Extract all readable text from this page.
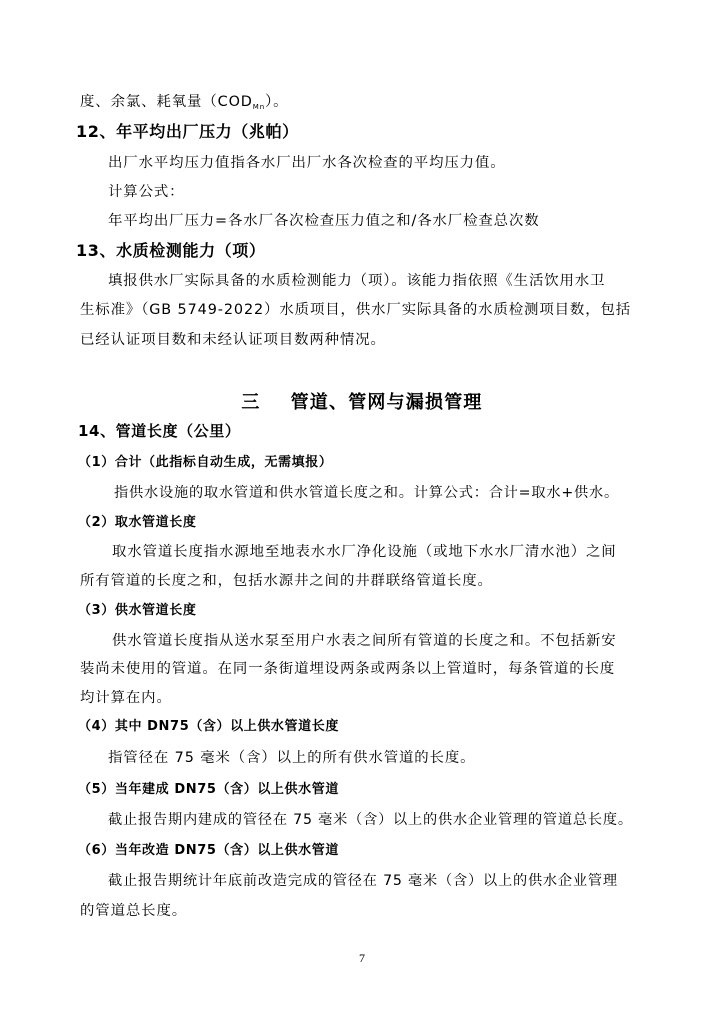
度、余氯、耗氧量$(COD_{Mn})$。
12、年平均出厂压力（兆帕）
出厂水平均压力值指各水厂出厂水各次检查的平均压力值。
计算公式：
年平均出厂压力=各水厂各次检查压力值之和/各水厂检查总次数
13、水质检测能力（项）
填报供水厂实际具备的水质检测能力（项）。该能力指依照《生活饮用水卫
生标准》（GB 5749-2022）水质项目，供水厂实际具备的水质检测项目数，包括
已经认证项目数和未经认证项目数两种情况。
三 管道、管网与漏损管理
14、管道长度（公里）
（1）合计（此指标自动生成，无需填报）
指供水设施的取水管道和供水管道长度之和。计算公式：合计=取水+供水。
（2）取水管道长度
取水管道长度指水源地至地表水水厂净化设施（或地下水水厂清水池）之间
所有管道的长度之和，包括水源井之间的井群联络管道长度。
（3）供水管道长度
供水管道长度指从送水泵至用户水表之间所有管道的长度之和。不包括新安
装尚未使用的管道。在同一条街道埋设两条或两条以上管道时，每条管道的长度
均计算在内。
（4）其中 DN75（含）以上供水管道长度
指管径在 75 毫米（含）以上的所有供水管道的长度。
（5）当年建成 DN75（含）以上供水管道
截止报告期内建成的管径在 75 毫米（含）以上的供水企业管理的管道总长度。
（6）当年改造 DN75（含）以上供水管道
截止报告期统计年底前改造完成的管径在 75 毫米（含）以上的供水企业管理
的管道总长度。
7
